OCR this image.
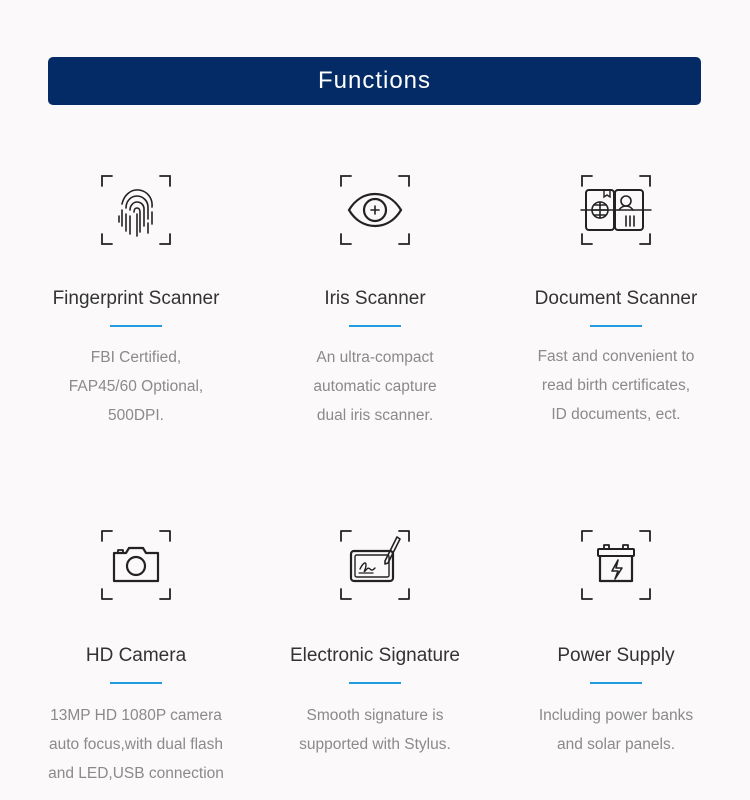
Functions
Fingerprint Scanner
FBI Certified,
FAP45/60 Optional,
500DPI.
Iris Scanner
An ultra-compact
automatic capture
dual iris scanner.
Document Scanner
Fast and convenient to
read birth certificates,
ID documents, ect.
HD Camera
13MP HD 1080P camera
auto focus,with dual flash
and LED,USB connection
Electronic Signature
Smooth signature is
supported with Stylus.
Power Supply
Including power banks
and solar panels.
